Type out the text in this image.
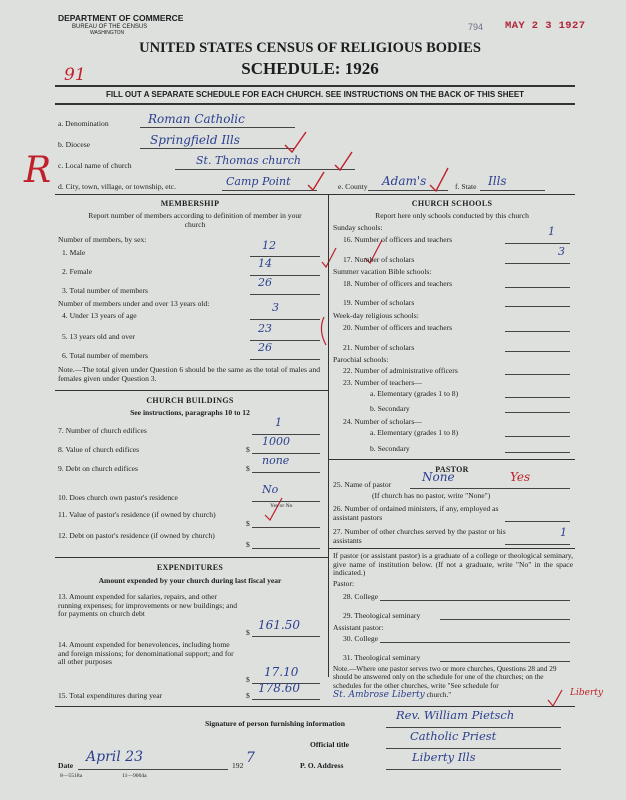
DEPARTMENT OF COMMERCE
BUREAU OF THE CENSUS
WASHINGTON
794 MAY 2 3 1927
UNITED STATES CENSUS OF RELIGIOUS BODIES
SCHEDULE: 1926
91
FILL OUT A SEPARATE SCHEDULE FOR EACH CHURCH. SEE INSTRUCTIONS ON THE BACK OF THIS SHEET
a. Denomination	Roman Catholic
b. Diocese	Springfield Ills
c. Local name of church	St. Thomas church
d. City, town, village, or township, etc.	Camp Point	e. County Adam's	f. State Ills
R
MEMBERSHIP
Report number of members according to definition of member in your church
Number of members, by sex:
1. Male
12
2. Female
14
3. Total number of members
26
Number of members under and over 13 years old:
4. Under 13 years of age
3
5. 13 years old and over
23
6. Total number of members
26
Note.—The total given under Question 6 should be the same as the total of males and females given under Question 3.
CHURCH BUILDINGS
See instructions, paragraphs 10 to 12
7. Number of church edifices
1
8. Value of church edifices	$
1000
9. Debt on church edifices	$
none
10. Does church own pastor's residence
No
Yes or No
11. Value of pastor's residence (if owned by church)
$
12. Debt on pastor's residence (if owned by church)
$
EXPENDITURES
Amount expended by your church during last fiscal year
13. Amount expended for salaries, repairs, and other running expenses; for improvements or new buildings; and for payments on church debt
$
161.50
14. Amount expended for benevolences, including home and foreign missions; for denominational support; and for all other purposes
$
17.10
15. Total expenditures during year	$
178.60
CHURCH SCHOOLS
Report here only schools conducted by this church
Sunday schools:
16. Number of officers and teachers
1
17. Number of scholars
3
Summer vacation Bible schools:
18. Number of officers and teachers
19. Number of scholars
Week-day religious schools:
20. Number of officers and teachers
21. Number of scholars
Parochial schools:
22. Number of administrative officers
23. Number of teachers—
a. Elementary (grades 1 to 8)
b. Secondary
24. Number of scholars—
a. Elementary (grades 1 to 8)
b. Secondary
PASTOR
25. Name of pastor
None	Yes
(If church has no pastor, write "None")
26. Number of ordained ministers, if any, employed as assistant pastors
27. Number of other churches served by the pastor or his assistants
1
If pastor (or assistant pastor) is a graduate of a college or theological seminary, give name of institution below. (If not a graduate, write "No" in the space indicated.)
Pastor:
28. College
29. Theological seminary
Assistant pastor:
30. College
31. Theological seminary
Note.—Where one pastor serves two or more churches, Questions 28 and 29 should be answered only on the schedule for one of the churches; on the schedules for the other churches, write "See schedule for St. Ambrose Liberty church."	Liberty
Signature of person furnishing information
Rev. William Pietsch
Official title
Catholic Priest
Date
April 23
192 7	P. O. Address
Liberty Ills
8—5518a	11—9004a
